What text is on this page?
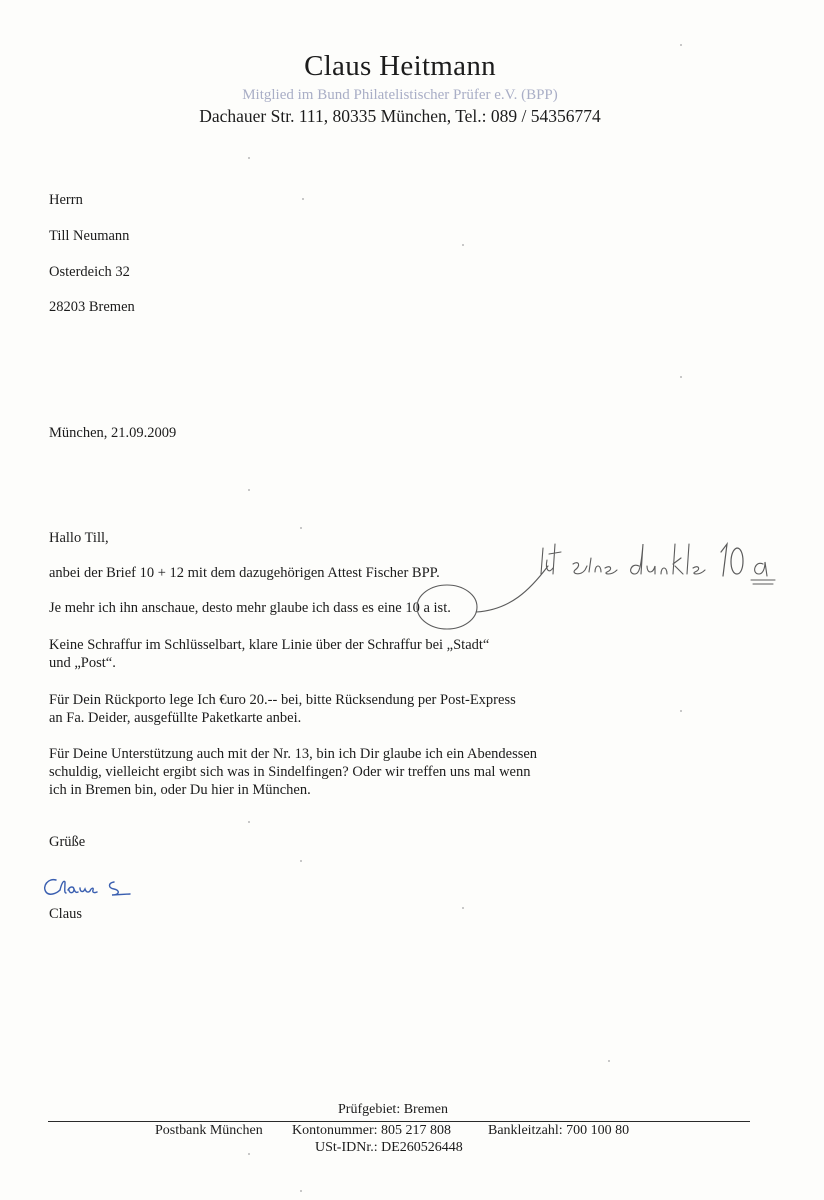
Claus Heitmann
Mitglied im Bund Philatelistischer Prüfer e.V. (BPP)
Dachauer Str. 111, 80335 München, Tel.: 089 / 54356774
Herrn
Till Neumann
Osterdeich 32
28203 Bremen
München, 21.09.2009
Hallo Till,
anbei der Brief 10 + 12 mit dem dazugehörigen Attest Fischer BPP.
Je mehr ich ihn anschaue, desto mehr glaube ich dass es eine 10 a ist.
Keine Schraffur im Schlüsselbart, klare Linie über der Schraffur bei „Stadt“
und „Post“.
Für Dein Rückporto lege Ich €uro 20.-- bei, bitte Rücksendung per Post-Express
an Fa. Deider, ausgefüllte Paketkarte anbei.
Für Deine Unterstützung auch mit der Nr. 13, bin ich Dir glaube ich ein Abendessen
schuldig, vielleicht ergibt sich was in Sindelfingen? Oder wir treffen uns mal wenn
ich in Bremen bin, oder Du hier in München.
Grüße
Claus
Prüfgebiet: Bremen
Postbank München Kontonummer: 805 217 808	Bankleitzahl: 700 100 80
USt-IDNr.: DE260526448
